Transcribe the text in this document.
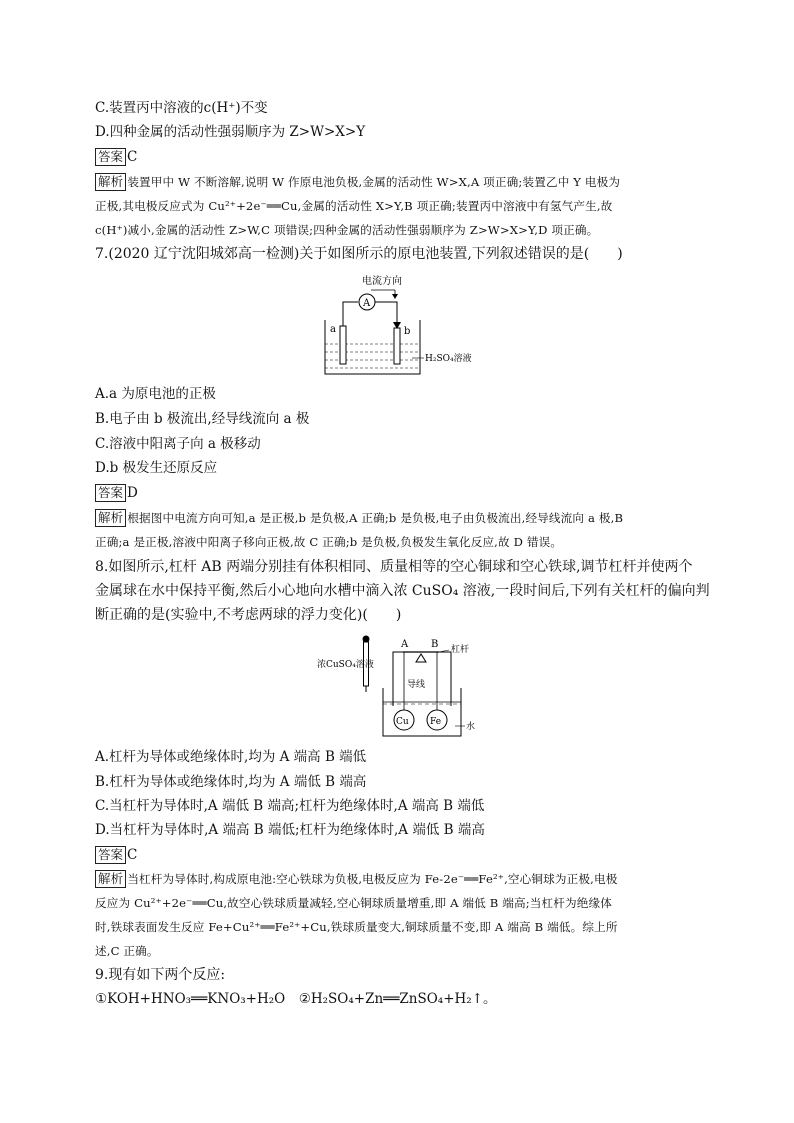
C.装置丙中溶液的c(H⁺)不变
D.四种金属的活动性强弱顺序为 Z>W>X>Y
答案 C
解析 装置甲中 W 不断溶解,说明 W 作原电池负极,金属的活动性 W>X,A 项正确;装置乙中 Y 电极为
正极,其电极反应式为 Cu²⁺+2e⁻══Cu,金属的活动性 X>Y,B 项正确;装置丙中溶液中有氢气产生,故
c(H⁺)减小,金属的活动性 Z>W,C 项错误;四种金属的活动性强弱顺序为 Z>W>X>Y,D 项正确。
7.(2020 辽宁沈阳城郊高一检测)关于如图所示的原电池装置,下列叙述错误的是(　　)
电流方向
A
a	b
H₂SO₄溶液
A.a 为原电池的正极
B.电子由 b 极流出,经导线流向 a 极
C.溶液中阳离子向 a 极移动
D.b 极发生还原反应
答案 D
解析 根据图中电流方向可知,a 是正极,b 是负极,A 正确;b 是负极,电子由负极流出,经导线流向 a 极,B
正确;a 是正极,溶液中阳离子移向正极,故 C 正确;b 是负极,负极发生氧化反应,故 D 错误。
8.如图所示,杠杆 AB 两端分别挂有体积相同、质量相等的空心铜球和空心铁球,调节杠杆并使两个
金属球在水中保持平衡,然后小心地向水槽中滴入浓 CuSO₄ 溶液,一段时间后,下列有关杠杆的偏向判
断正确的是(实验中,不考虑两球的浮力变化)(　　)
浓CuSO₄溶液
A B 杠杆
导线
Cu Fe	水
A.杠杆为导体或绝缘体时,均为 A 端高 B 端低
B.杠杆为导体或绝缘体时,均为 A 端低 B 端高
C.当杠杆为导体时,A 端低 B 端高;杠杆为绝缘体时,A 端高 B 端低
D.当杠杆为导体时,A 端高 B 端低;杠杆为绝缘体时,A 端低 B 端高
答案 C
解析 当杠杆为导体时,构成原电池:空心铁球为负极,电极反应为 Fe-2e⁻══Fe²⁺,空心铜球为正极,电极
反应为 Cu²⁺+2e⁻══Cu,故空心铁球质量减轻,空心铜球质量增重,即 A 端低 B 端高;当杠杆为绝缘体
时,铁球表面发生反应 Fe+Cu²⁺══Fe²⁺+Cu,铁球质量变大,铜球质量不变,即 A 端高 B 端低。综上所
述,C 正确。
9.现有如下两个反应:
①KOH+HNO₃══KNO₃+H₂O　②H₂SO₄+Zn══ZnSO₄+H₂↑。
